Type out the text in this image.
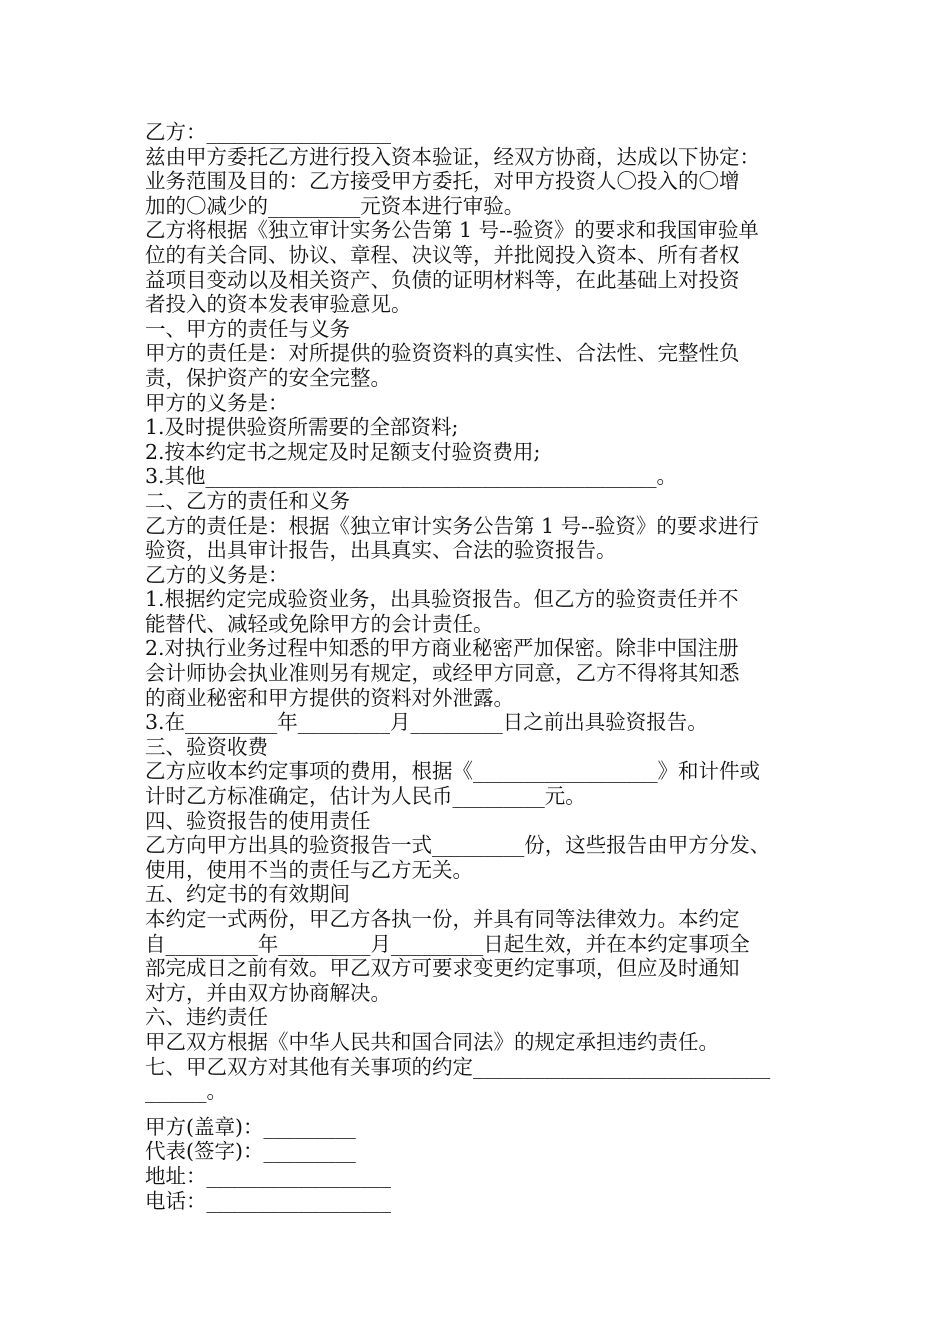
乙方：__________________
兹由甲方委托乙方进行投入资本验证，经双方协商，达成以下协定：
业务范围及目的：乙方接受甲方委托，对甲方投资人〇投入的〇增
加的〇减少的_________元资本进行审验。
乙方将根据《独立审计实务公告第 1 号--验资》的要求和我国审验单
位的有关合同、协议、章程、决议等，并批阅投入资本、所有者权
益项目变动以及相关资产、负债的证明材料等，在此基础上对投资
者投入的资本发表审验意见。
一、甲方的责任与义务
甲方的责任是：对所提供的验资资料的真实性、合法性、完整性负
责，保护资产的安全完整。
甲方的义务是：
1.及时提供验资所需要的全部资料;
2.按本约定书之规定及时足额支付验资费用;
3.其他____________________________________________。
二、乙方的责任和义务
乙方的责任是：根据《独立审计实务公告第 1 号--验资》的要求进行
验资，出具审计报告，出具真实、合法的验资报告。
乙方的义务是：
1.根据约定完成验资业务，出具验资报告。但乙方的验资责任并不
能替代、减轻或免除甲方的会计责任。
2.对执行业务过程中知悉的甲方商业秘密严加保密。除非中国注册
会计师协会执业准则另有规定，或经甲方同意，乙方不得将其知悉
的商业秘密和甲方提供的资料对外泄露。
3.在_________年_________月_________日之前出具验资报告。
三、验资收费
乙方应收本约定事项的费用，根据《__________________》和计件或
计时乙方标准确定，估计为人民币_________元。
四、验资报告的使用责任
乙方向甲方出具的验资报告一式_________份，这些报告由甲方分发、
使用，使用不当的责任与乙方无关。
五、约定书的有效期间
本约定一式两份，甲乙方各执一份，并具有同等法律效力。本约定
自_________年_________月_________日起生效，并在本约定事项全
部完成日之前有效。甲乙双方可要求变更约定事项，但应及时通知
对方，并由双方协商解决。
六、违约责任
甲乙双方根据《中华人民共和国合同法》的规定承担违约责任。
七、甲乙双方对其他有关事项的约定_____________________________
______。
甲方(盖章)：_________
代表(签字)：_________
地址：__________________
电话：__________________
